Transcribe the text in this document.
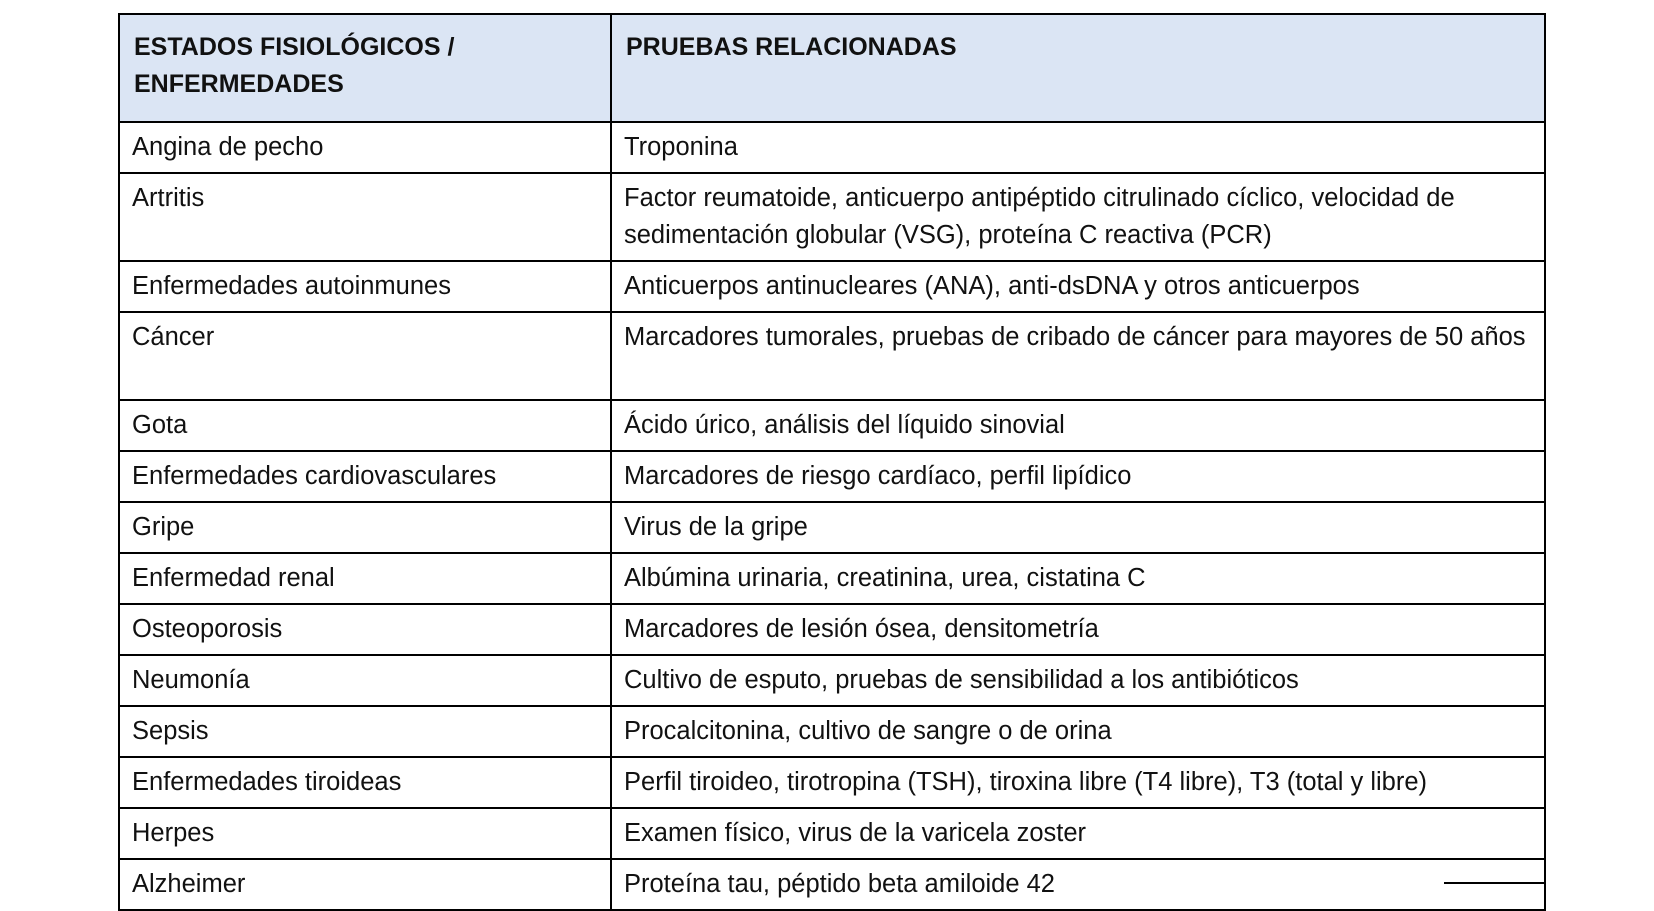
ESTADOS FISIOLÓGICOS / ENFERMEDADES	PRUEBAS RELACIONADAS
Angina de pecho	Troponina
Artritis	Factor reumatoide, anticuerpo antipéptido citrulinado cíclico, velocidad de sedimentación globular (VSG), proteína C reactiva (PCR)
Enfermedades autoinmunes	Anticuerpos antinucleares (ANA), anti-dsDNA y otros anticuerpos
Cáncer	Marcadores tumorales, pruebas de cribado de cáncer para mayores de 50 años
Gota	Ácido úrico, análisis del líquido sinovial
Enfermedades cardiovasculares	Marcadores de riesgo cardíaco, perfil lipídico
Gripe	Virus de la gripe
Enfermedad renal	Albúmina urinaria, creatinina, urea, cistatina C
Osteoporosis	Marcadores de lesión ósea, densitometría
Neumonía	Cultivo de esputo, pruebas de sensibilidad a los antibióticos
Sepsis	Procalcitonina, cultivo de sangre o de orina
Enfermedades tiroideas	Perfil tiroideo, tirotropina (TSH), tiroxina libre (T4 libre), T3 (total y libre)
Herpes	Examen físico, virus de la varicela zoster
Alzheimer	Proteína tau, péptido beta amiloide 42
